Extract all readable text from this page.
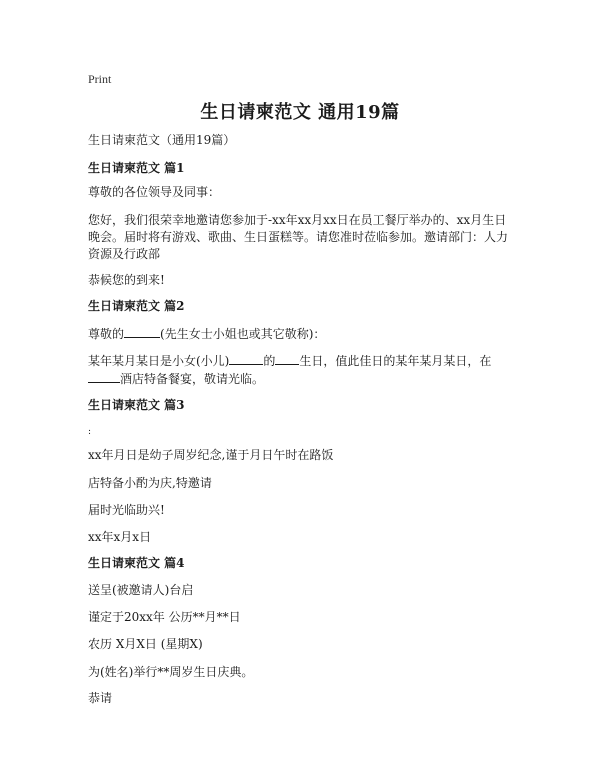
Print
生日请柬范文 通用19篇

生日请柬范文（通用19篇）

生日请柬范文 篇1

尊敬的各位领导及同事：

您好，我们很荣幸地邀请您参加于-xx年xx月xx日在员工餐厅举办的、xx月生日晚会。届时将有游戏、歌曲、生日蛋糕等。请您准时莅临参加。邀请部门：人力资源及行政部

恭候您的到来!

生日请柬范文 篇2

尊敬的	(先生女士小姐也或其它敬称)：

某年某月某日是小女(小儿)	的 生日，值此佳日的某年某月某日，在
酒店特备餐宴，敬请光临。

生日请柬范文 篇3

:

xx年月日是幼子周岁纪念,谨于月日午时在路饭

店特备小酌为庆,特邀请

届时光临助兴!

xx年x月x日

生日请柬范文 篇4

送呈(被邀请人)台启

谨定于20xx年 公历**月**日

农历 X月X日 (星期X)

为(姓名)举行**周岁生日庆典。

恭请
